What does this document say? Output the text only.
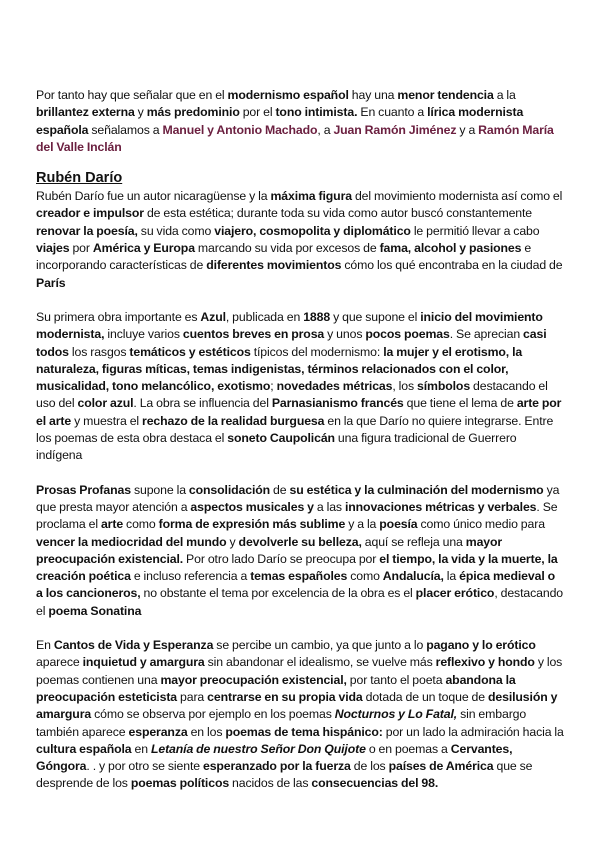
Por tanto hay que señalar que en el modernismo español hay una menor tendencia a la brillantez externa y más predominio por el tono intimista. En cuanto a lírica modernista española señalamos a Manuel y Antonio Machado, a Juan Ramón Jiménez y a Ramón María del Valle Inclán

Rubén Darío

Rubén Darío fue un autor nicaragüense y la máxima figura del movimiento modernista así como el creador e impulsor de esta estética; durante toda su vida como autor buscó constantemente renovar la poesía, su vida como viajero, cosmopolita y diplomático le permitió llevar a cabo viajes por América y Europa marcando su vida por excesos de fama, alcohol y pasiones e incorporando características de diferentes movimientos cómo los qué encontraba en la ciudad de París

Su primera obra importante es Azul, publicada en 1888 y que supone el inicio del movimiento modernista, incluye varios cuentos breves en prosa y unos pocos poemas. Se aprecian casi todos los rasgos temáticos y estéticos típicos del modernismo: la mujer y el erotismo, la naturaleza, figuras míticas, temas indigenistas, términos relacionados con el color, musicalidad, tono melancólico, exotismo; novedades métricas, los símbolos destacando el uso del color azul. La obra se influencia del Parnasianismo francés que tiene el lema de arte por el arte y muestra el rechazo de la realidad burguesa en la que Darío no quiere integrarse. Entre los poemas de esta obra destaca el soneto Caupolicán una figura tradicional de Guerrero indígena

Prosas Profanas supone la consolidación de su estética y la culminación del modernismo ya que presta mayor atención a aspectos musicales y a las innovaciones métricas y verbales. Se proclama el arte como forma de expresión más sublime y a la poesía como único medio para vencer la mediocridad del mundo y devolverle su belleza, aquí se refleja una mayor preocupación existencial. Por otro lado Darío se preocupa por el tiempo, la vida y la muerte, la creación poética e incluso referencia a temas españoles como Andalucía, la épica medieval o a los cancioneros, no obstante el tema por excelencia de la obra es el placer erótico, destacando el poema Sonatina

En Cantos de Vida y Esperanza se percibe un cambio, ya que junto a lo pagano y lo erótico aparece inquietud y amargura sin abandonar el idealismo, se vuelve más reflexivo y hondo y los poemas contienen una mayor preocupación existencial, por tanto el poeta abandona la preocupación esteticista para centrarse en su propia vida dotada de un toque de desilusión y amargura cómo se observa por ejemplo en los poemas Nocturnos y Lo Fatal, sin embargo también aparece esperanza en los poemas de tema hispánico: por un lado la admiración hacia la cultura española en Letanía de nuestro Señor Don Quijote o en poemas a Cervantes, Góngora. . y por otro se siente esperanzado por la fuerza de los países de América que se desprende de los poemas políticos nacidos de las consecuencias del 98.
